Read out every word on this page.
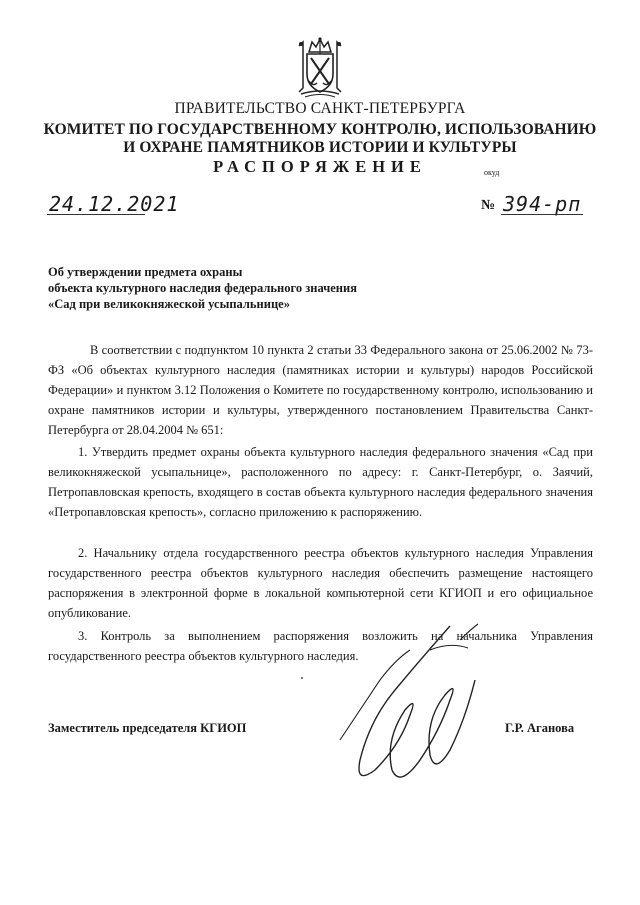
ПРАВИТЕЛЬСТВО САНКТ-ПЕТЕРБУРГА
КОМИТЕТ ПО ГОСУДАРСТВЕННОМУ КОНТРОЛЮ, ИСПОЛЬЗОВАНИЮ
И ОХРАНЕ ПАМЯТНИКОВ ИСТОРИИ И КУЛЬТУРЫ
РАСПОРЯЖЕНИЕ	окуд
24.12.2021	№ 394-рп
Об утверждении предмета охраны
объекта культурного наследия федерального значения
«Сад при великокняжеской усыпальнице»
В соответствии с подпунктом 10 пункта 2 статьи 33 Федерального закона от 25.06.2002 № 73-ФЗ «Об объектах культурного наследия (памятниках истории и культуры) народов Российской Федерации» и пунктом 3.12 Положения о Комитете по государственному контролю, использованию и охране памятников истории и культуры, утвержденного постановлением Правительства Санкт-Петербурга от 28.04.2004 № 651:
1. Утвердить предмет охраны объекта культурного наследия федерального значения «Сад при великокняжеской усыпальнице», расположенного по адресу: г. Санкт-Петербург, о. Заячий, Петропавловская крепость, входящего в состав объекта культурного наследия федерального значения «Петропавловская крепость», согласно приложению к распоряжению.
2. Начальнику отдела государственного реестра объектов культурного наследия Управления государственного реестра объектов культурного наследия обеспечить размещение настоящего распоряжения в электронной форме в локальной компьютерной сети КГИОП и его официальное опубликование.
3. Контроль за выполнением распоряжения возложить на начальника Управления государственного реестра объектов культурного наследия.
Заместитель председателя КГИОП	Г.Р. Аганова
